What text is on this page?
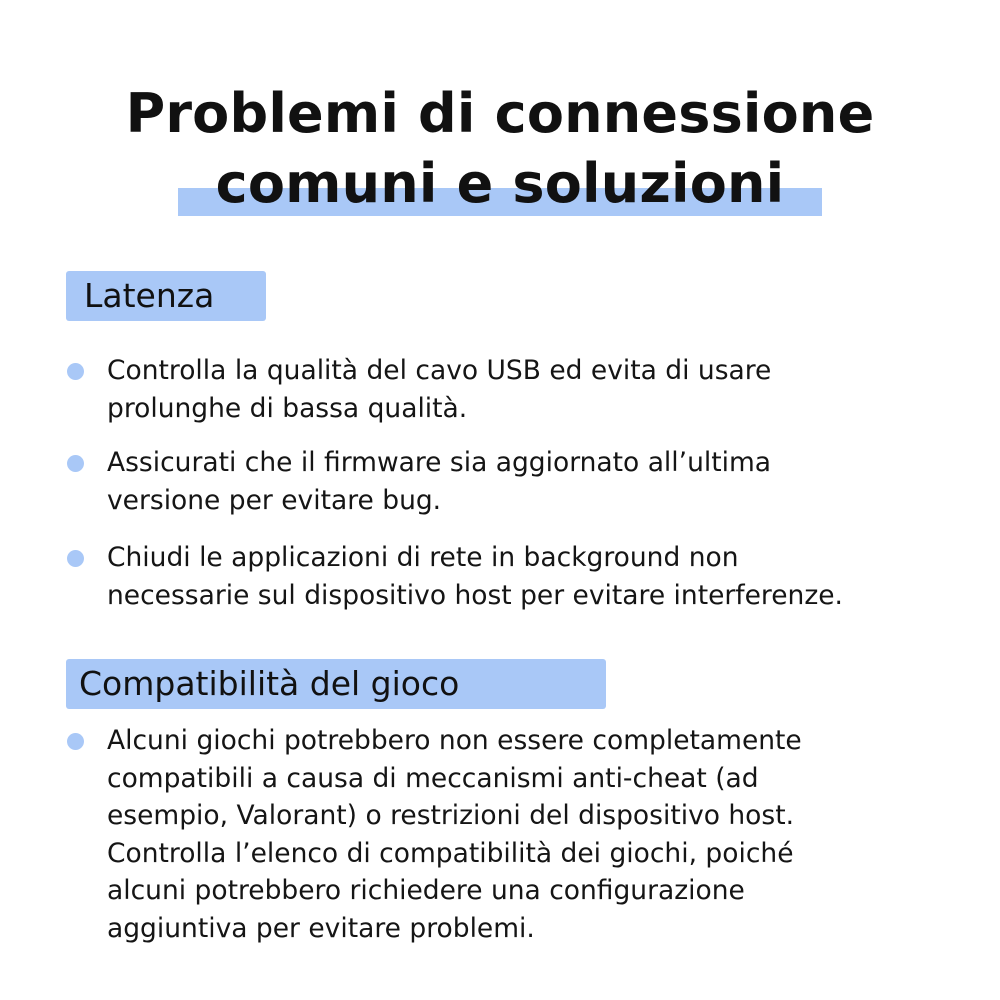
Problemi di connessione
comuni e soluzioni
Latenza
Controlla la qualità del cavo USB ed evita di usare
prolunghe di bassa qualità.
Assicurati che il firmware sia aggiornato all’ultima
versione per evitare bug.
Chiudi le applicazioni di rete in background non
necessarie sul dispositivo host per evitare interferenze.
Compatibilità del gioco
Alcuni giochi potrebbero non essere completamente
compatibili a causa di meccanismi anti-cheat (ad
esempio, Valorant) o restrizioni del dispositivo host.
Controlla l’elenco di compatibilità dei giochi, poiché
alcuni potrebbero richiedere una configurazione
aggiuntiva per evitare problemi.
